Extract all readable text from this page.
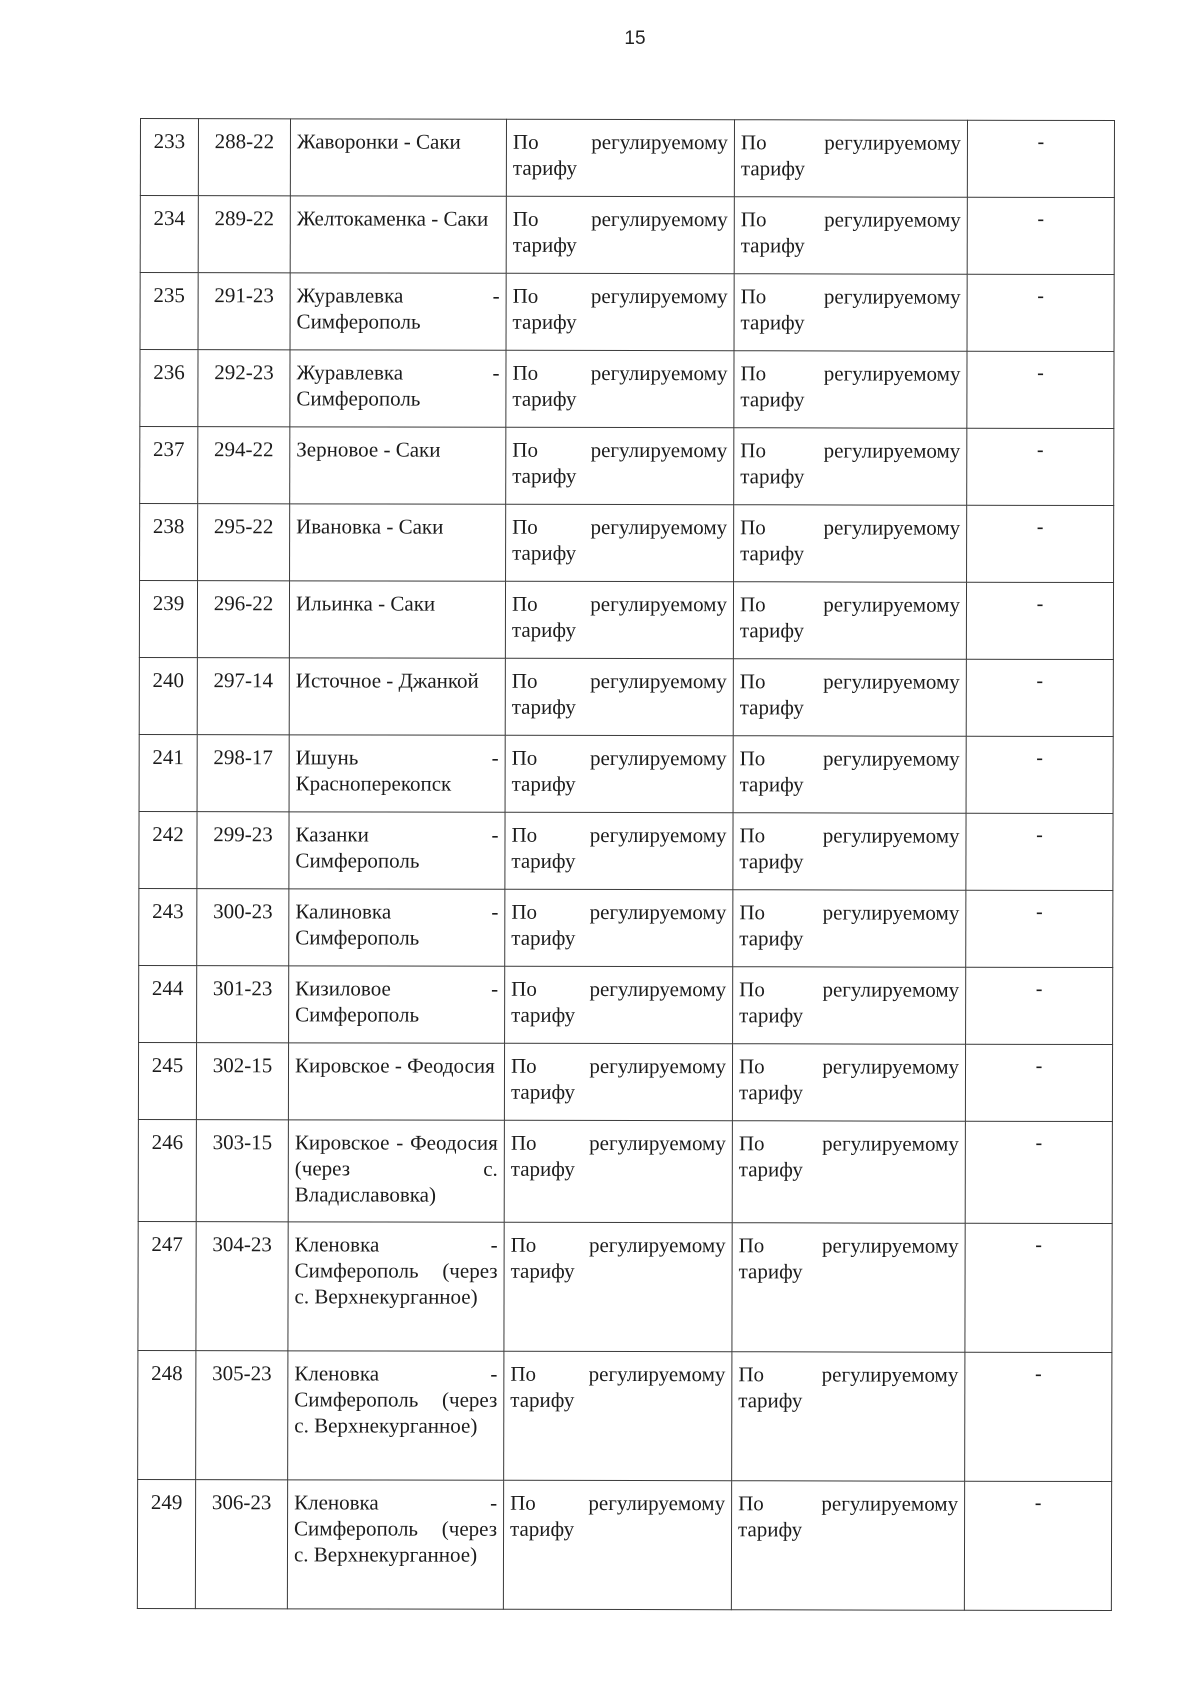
15
233	288-22	Жаворонки - Саки	По регулируемому тарифу	По регулируемому тарифу	-
234	289-22	Желтокаменка - Саки	По регулируемому тарифу	По регулируемому тарифу	-
235	291-23	Журавлевка - Симферополь	По регулируемому тарифу	По регулируемому тарифу	-
236	292-23	Журавлевка - Симферополь	По регулируемому тарифу	По регулируемому тарифу	-
237	294-22	Зерновое - Саки	По регулируемому тарифу	По регулируемому тарифу	-
238	295-22	Ивановка - Саки	По регулируемому тарифу	По регулируемому тарифу	-
239	296-22	Ильинка - Саки	По регулируемому тарифу	По регулируемому тарифу	-
240	297-14	Источное - Джанкой	По регулируемому тарифу	По регулируемому тарифу	-
241	298-17	Ишунь - Красноперекопск	По регулируемому тарифу	По регулируемому тарифу	-
242	299-23	Казанки - Симферополь	По регулируемому тарифу	По регулируемому тарифу	-
243	300-23	Калиновка - Симферополь	По регулируемому тарифу	По регулируемому тарифу	-
244	301-23	Кизиловое - Симферополь	По регулируемому тарифу	По регулируемому тарифу	-
245	302-15	Кировское - Феодосия	По регулируемому тарифу	По регулируемому тарифу	-
246	303-15	Кировское - Феодосия (через с. Владиславовка)	По регулируемому тарифу	По регулируемому тарифу	-
247	304-23	Кленовка - Симферополь (через с. Верхнекурганное)	По регулируемому тарифу	По регулируемому тарифу	-
248	305-23	Кленовка - Симферополь (через с. Верхнекурганное)	По регулируемому тарифу	По регулируемому тарифу	-
249	306-23	Кленовка - Симферополь (через с. Верхнекурганное)	По регулируемому тарифу	По регулируемому тарифу	-
